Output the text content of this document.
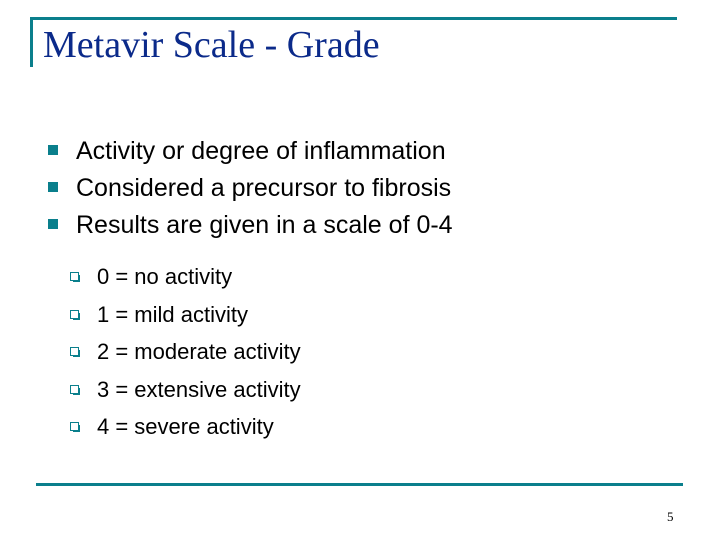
Metavir Scale - Grade
Activity or degree of inflammation
Considered a precursor to fibrosis
Results are given in a scale of 0-4
0 = no activity
1 = mild activity
2 = moderate activity
3 = extensive activity
4 = severe activity
5
